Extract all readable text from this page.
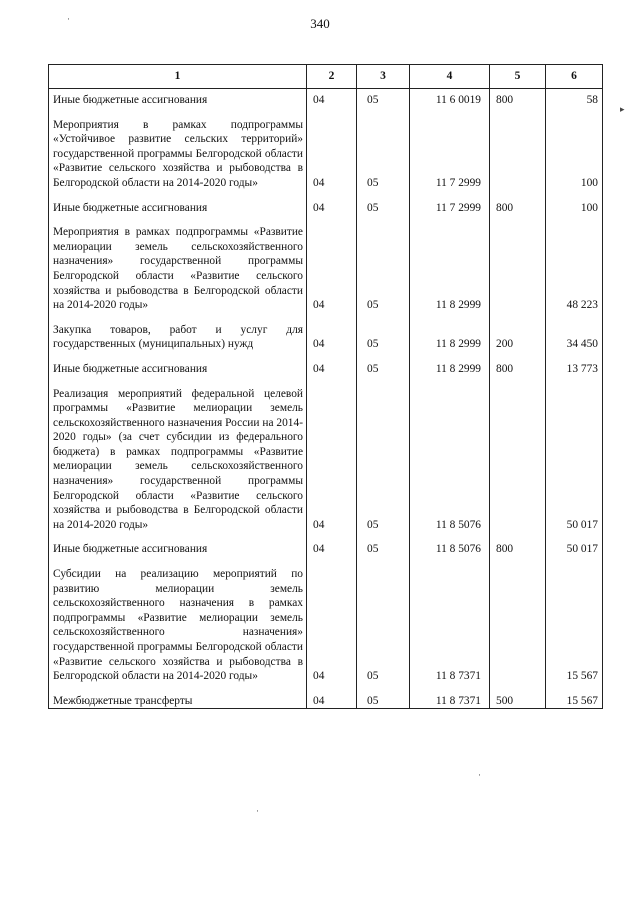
340
1	2	3	4	5	6

Иные бюджетные ассигнования	04	05	11 6 0019	800	58

Мероприятия в рамках подпрограммы «Устойчивое развитие сельских территорий» государственной программы Белгородской области «Развитие сельского хозяйства и рыбоводства в Белгородской области на 2014-2020 годы»	04	05	11 7 2999		100

Иные бюджетные ассигнования	04	05	11 7 2999	800	100

Мероприятия в рамках подпрограммы «Развитие мелиорации земель сельскохозяйственного назначения» государственной программы Белгородской области «Развитие сельского хозяйства и рыбоводства в Белгородской области на 2014-2020 годы»	04	05	11 8 2999		48 223

Закупка товаров, работ и услуг для государственных (муниципальных) нужд	04	05	11 8 2999	200	34 450

Иные бюджетные ассигнования	04	05	11 8 2999	800	13 773

Реализация мероприятий федеральной целевой программы «Развитие мелиорации земель сельскохозяйственного назначения России на 2014-2020 годы» (за счет субсидии из федерального бюджета) в рамках подпрограммы «Развитие мелиорации земель сельскохозяйственного назначения» государственной программы Белгородской области «Развитие сельского хозяйства и рыбоводства в Белгородской области на 2014-2020 годы»	04	05	11 8 5076		50 017

Иные бюджетные ассигнования	04	05	11 8 5076	800	50 017

Субсидии на реализацию мероприятий по развитию мелиорации земель сельскохозяйственного назначения в рамках подпрограммы «Развитие мелиорации земель сельскохозяйственного назначения» государственной программы Белгородской области «Развитие сельского хозяйства и рыбоводства в Белгородской области на 2014-2020 годы»	04	05	11 8 7371		15 567

Межбюджетные трансферты	04	05	11 8 7371	500	15 567
·
▸
·
·
